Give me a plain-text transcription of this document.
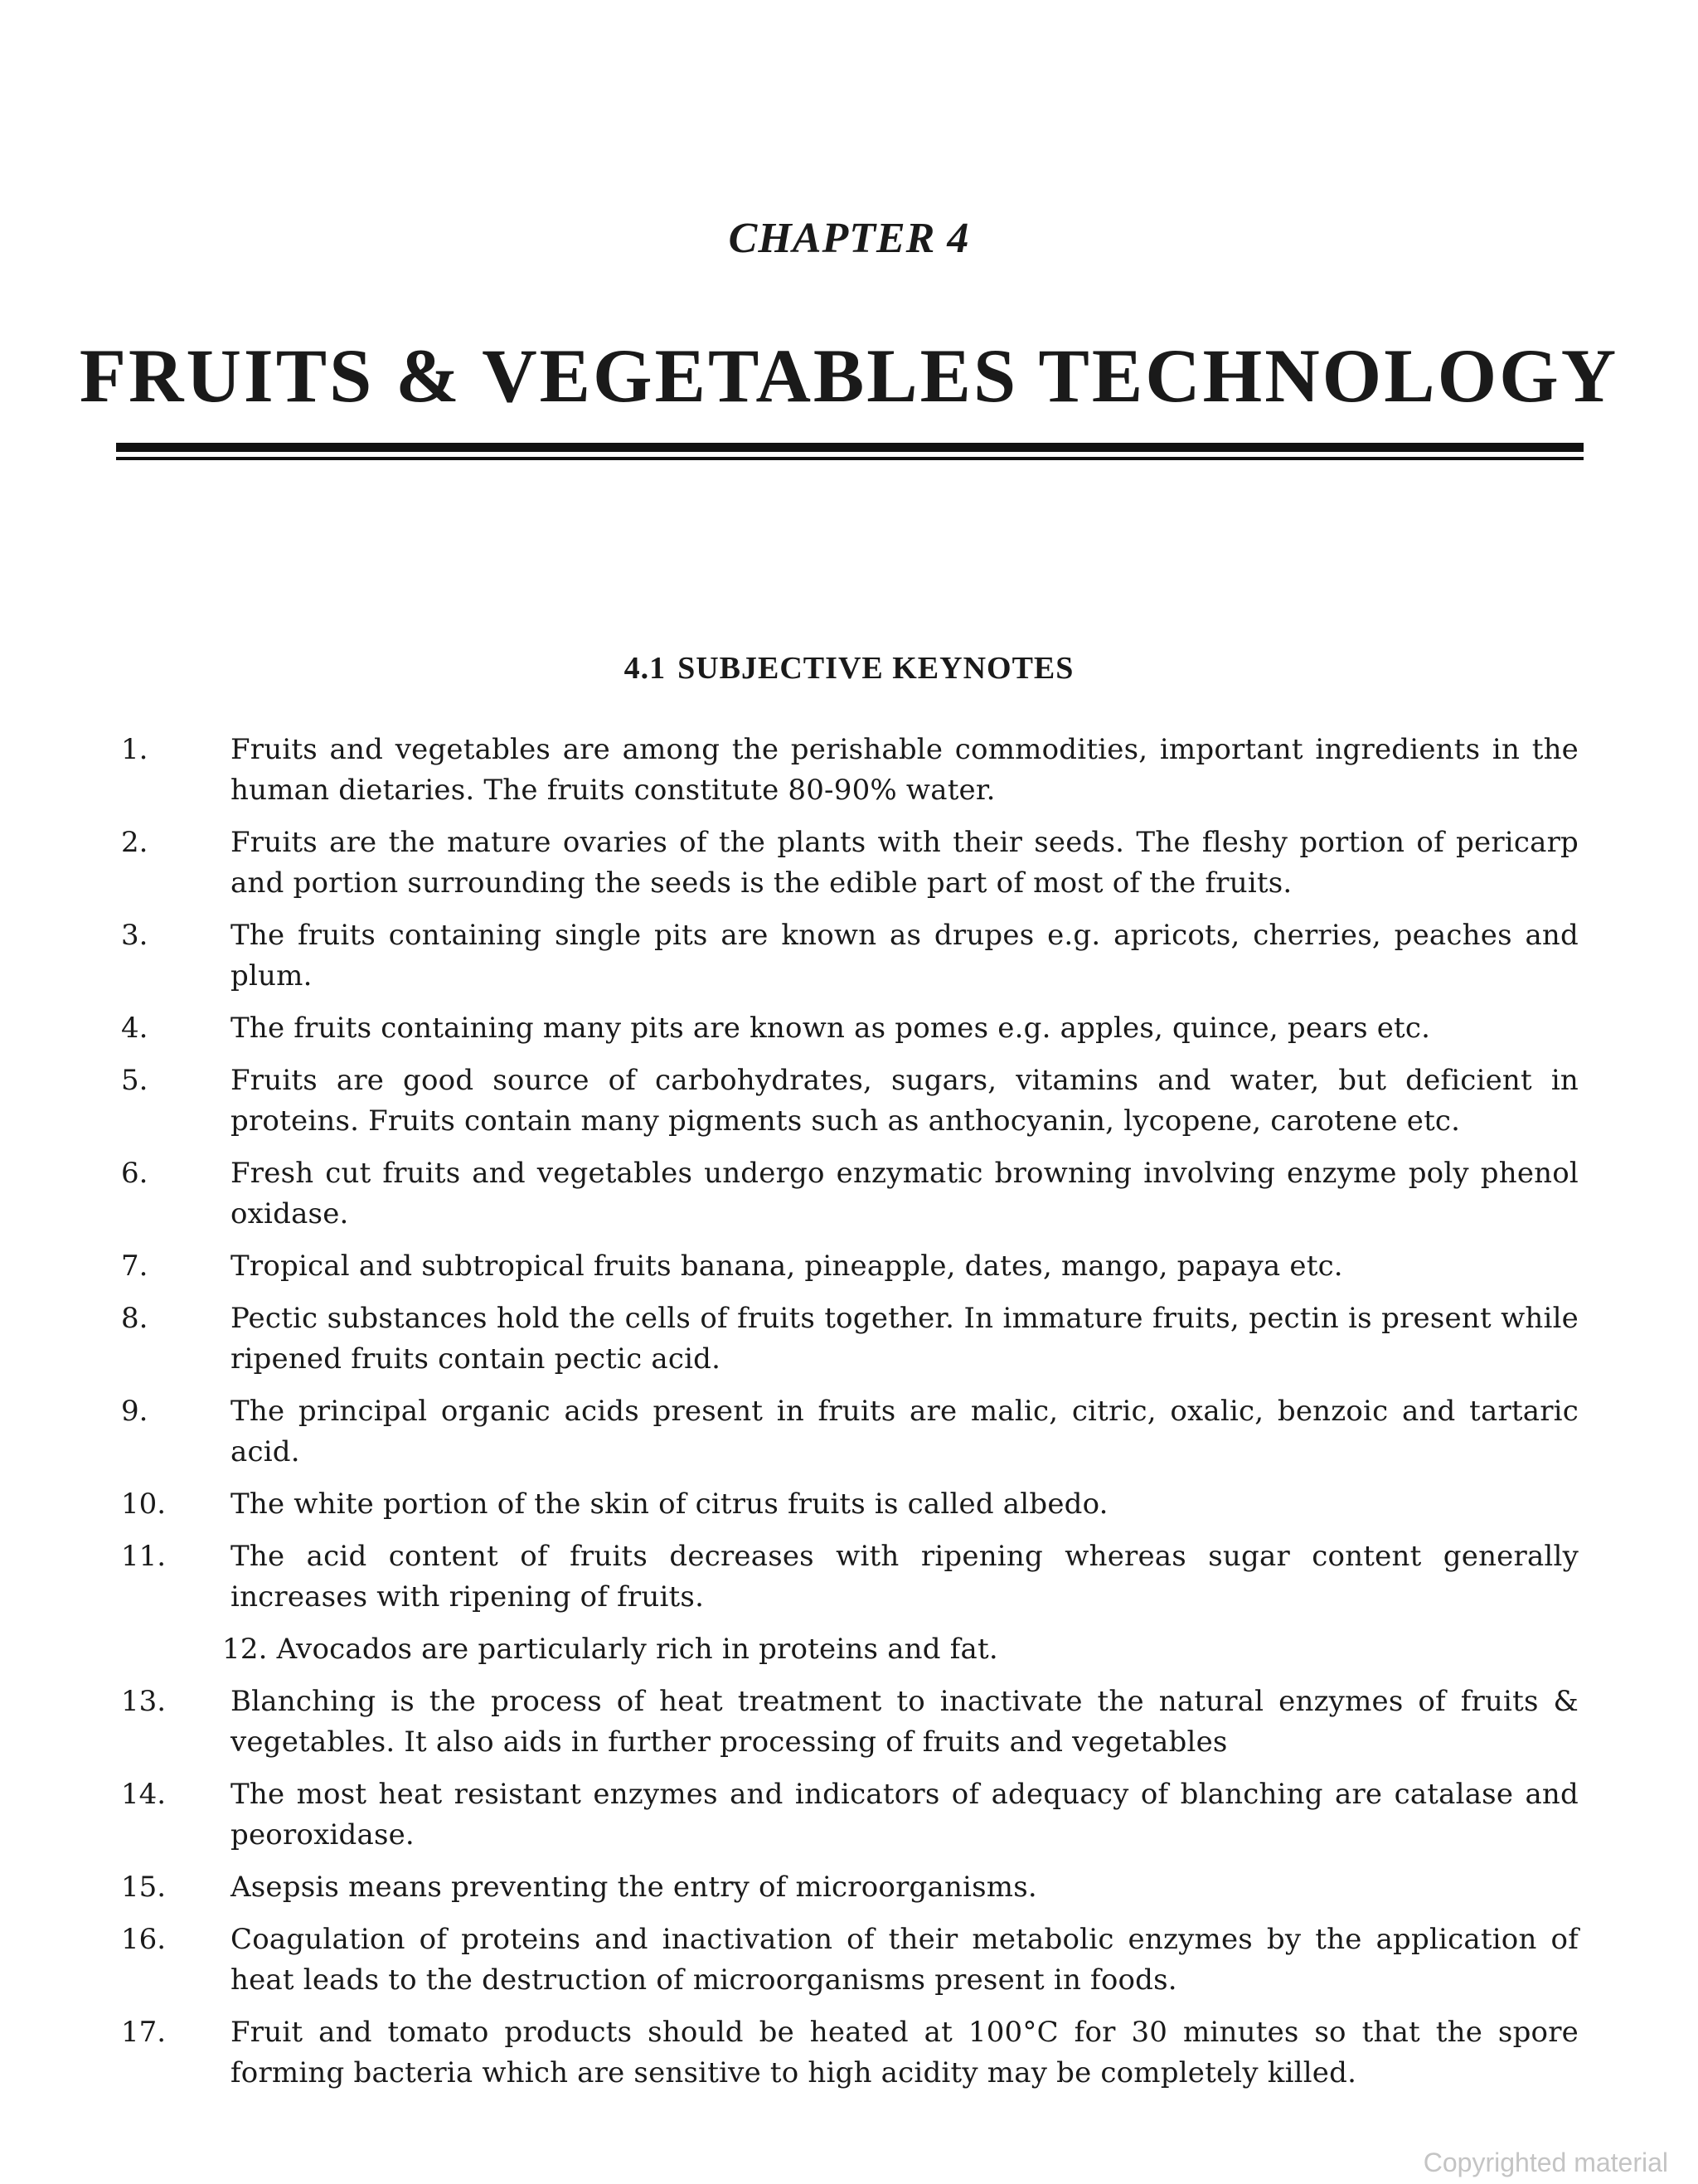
CHAPTER 4
FRUITS & VEGETABLES TECHNOLOGY
4.1 SUBJECTIVE KEYNOTES
1.	Fruits and vegetables are among the perishable commodities, important ingredients in the human dietaries. The fruits constitute 80-90% water.
2.	Fruits are the mature ovaries of the plants with their seeds. The fleshy portion of pericarp and portion surrounding the seeds is the edible part of most of the fruits.
3.	The fruits containing single pits are known as drupes e.g. apricots, cherries, peaches and plum.
4.	The fruits containing many pits are known as pomes e.g. apples, quince, pears etc.
5.	Fruits are good source of carbohydrates, sugars, vitamins and water, but deficient in proteins. Fruits contain many pigments such as anthocyanin, lycopene, carotene etc.
6.	Fresh cut fruits and vegetables undergo enzymatic browning involving enzyme poly phenol oxidase.
7.	Tropical and subtropical fruits banana, pineapple, dates, mango, papaya etc.
8.	Pectic substances hold the cells of fruits together. In immature fruits, pectin is present while ripened fruits contain pectic acid.
9.	The principal organic acids present in fruits are malic, citric, oxalic, benzoic and tartaric acid.
10.	The white portion of the skin of citrus fruits is called albedo.
11.	The acid content of fruits decreases with ripening whereas sugar content generally increases with ripening of fruits.
12. Avocados are particularly rich in proteins and fat.
13.	Blanching is the process of heat treatment to inactivate the natural enzymes of fruits & vegetables. It also aids in further processing of fruits and vegetables
14.	The most heat resistant enzymes and indicators of adequacy of blanching are catalase and peoroxidase.
15.	Asepsis means preventing the entry of microorganisms.
16.	Coagulation of proteins and inactivation of their metabolic enzymes by the application of heat leads to the destruction of microorganisms present in foods.
17.	Fruit and tomato products should be heated at 100°C for 30 minutes so that the spore forming bacteria which are sensitive to high acidity may be completely killed.
Copyrighted material
